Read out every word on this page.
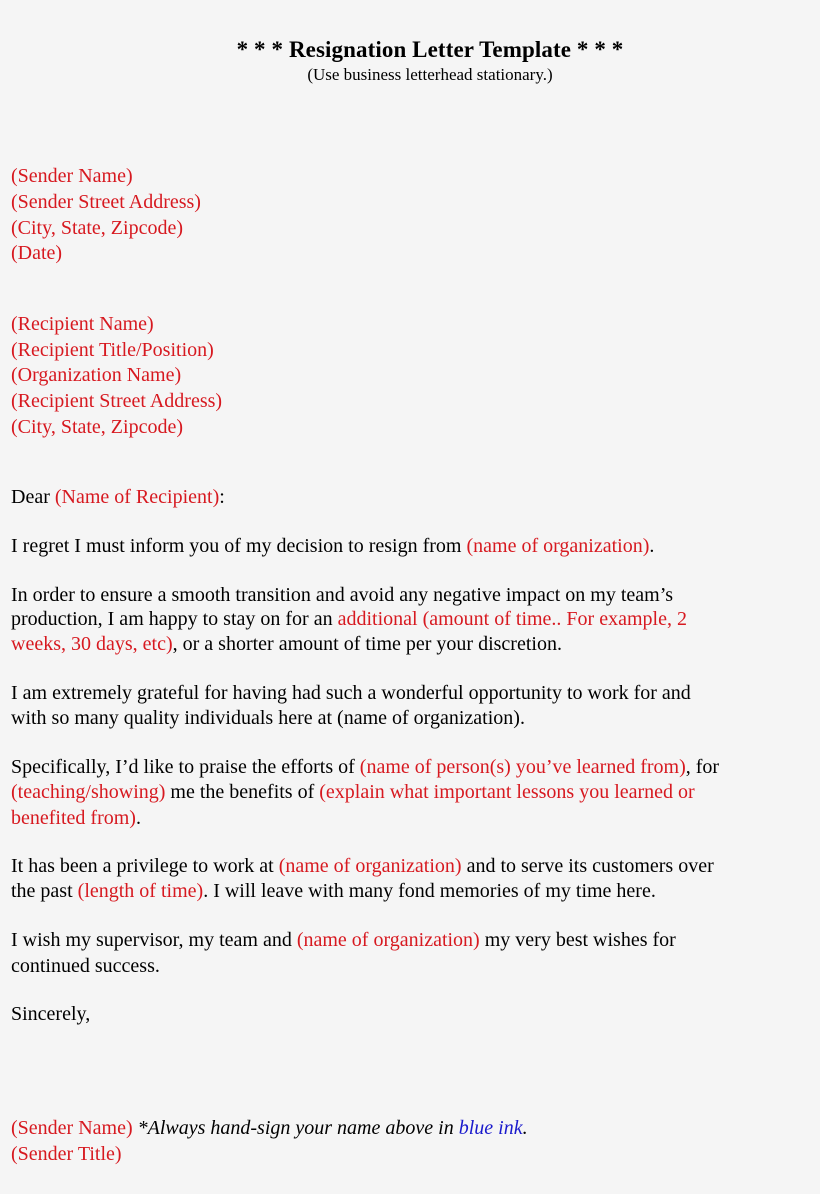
* * * Resignation Letter Template * * *
(Use business letterhead stationary.)
(Sender Name)
(Sender Street Address)
(City, State, Zipcode)
(Date)
(Recipient Name)
(Recipient Title/Position)
(Organization Name)
(Recipient Street Address)
(City, State, Zipcode)
Dear (Name of Recipient):
I regret I must inform you of my decision to resign from (name of organization).
In order to ensure a smooth transition and avoid any negative impact on my team’s
production, I am happy to stay on for an additional (amount of time.. For example, 2
weeks, 30 days, etc), or a shorter amount of time per your discretion.
I am extremely grateful for having had such a wonderful opportunity to work for and
with so many quality individuals here at (name of organization).
Specifically, I’d like to praise the efforts of (name of person(s) you’ve learned from), for
(teaching/showing) me the benefits of (explain what important lessons you learned or
benefited from).
It has been a privilege to work at (name of organization) and to serve its customers over
the past (length of time). I will leave with many fond memories of my time here.
I wish my supervisor, my team and (name of organization) my very best wishes for
continued success.
Sincerely,
(Sender Name) *Always hand-sign your name above in blue ink.
(Sender Title)
